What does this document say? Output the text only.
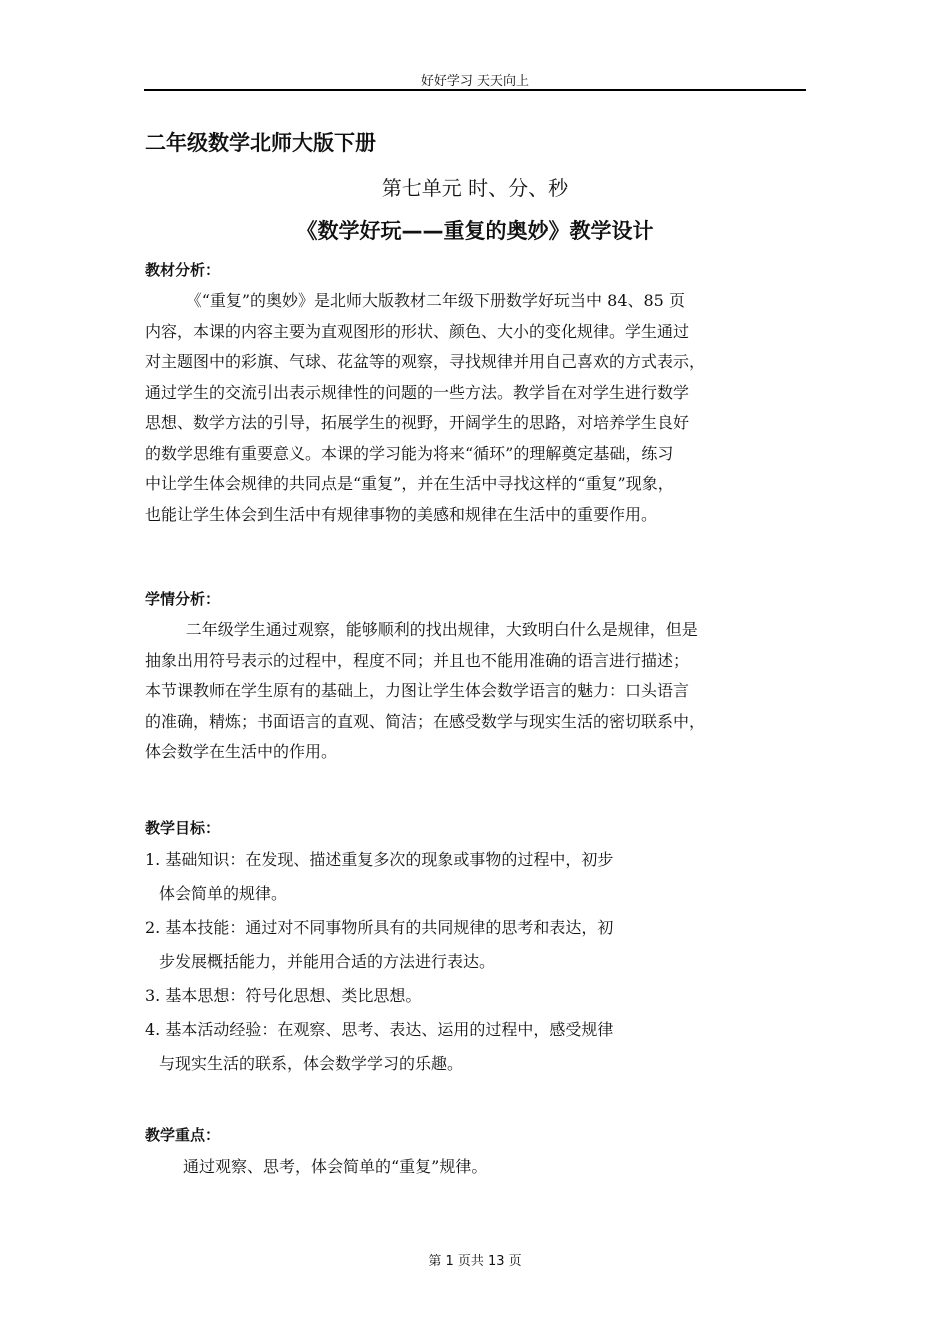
好好学习 天天向上
二年级数学北师大版下册
第七单元 时、分、秒
《数学好玩——重复的奥妙》教学设计
教材分析：
《“重复”的奥妙》是北师大版教材二年级下册数学好玩当中 84、85 页
内容，本课的内容主要为直观图形的形状、颜色、大小的变化规律。学生通过
对主题图中的彩旗、气球、花盆等的观察，寻找规律并用自己喜欢的方式表示，
通过学生的交流引出表示规律性的问题的一些方法。教学旨在对学生进行数学
思想、数学方法的引导，拓展学生的视野，开阔学生的思路，对培养学生良好
的数学思维有重要意义。本课的学习能为将来“循环”的理解奠定基础，练习
中让学生体会规律的共同点是“重复”，并在生活中寻找这样的“重复”现象，
也能让学生体会到生活中有规律事物的美感和规律在生活中的重要作用。
学情分析：
二年级学生通过观察，能够顺利的找出规律，大致明白什么是规律，但是
抽象出用符号表示的过程中，程度不同；并且也不能用准确的语言进行描述；
本节课教师在学生原有的基础上，力图让学生体会数学语言的魅力：口头语言
的准确，精炼；书面语言的直观、简洁；在感受数学与现实生活的密切联系中，
体会数学在生活中的作用。
教学目标：
1. 基础知识：在发现、描述重复多次的现象或事物的过程中，初步
体会简单的规律。
2. 基本技能：通过对不同事物所具有的共同规律的思考和表达，初
步发展概括能力，并能用合适的方法进行表达。
3. 基本思想：符号化思想、类比思想。
4. 基本活动经验：在观察、思考、表达、运用的过程中，感受规律
与现实生活的联系，体会数学学习的乐趣。
教学重点：
通过观察、思考，体会简单的“重复”规律。
第 1 页共 13 页
